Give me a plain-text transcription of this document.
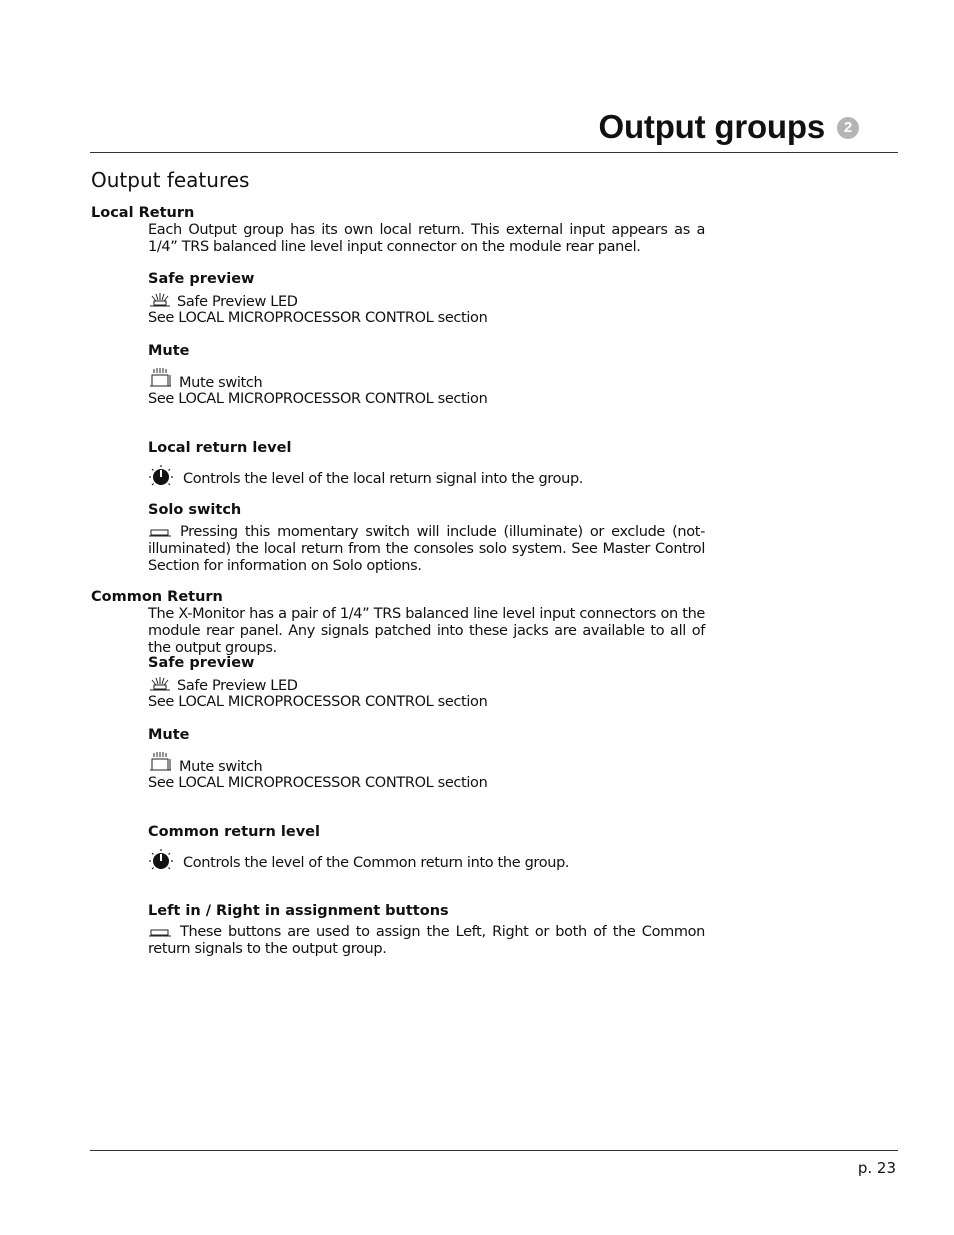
Output groups 2
Output features
Local Return
Each Output group has its own local return. This external input appears as a 1/4” TRS balanced line level input connector on the module rear panel.
Safe preview
Safe Preview LED
See LOCAL MICROPROCESSOR CONTROL section
Mute
Mute switch
See LOCAL MICROPROCESSOR CONTROL section
Local return level
Controls the level of the local return signal into the group.
Solo switch
Pressing this momentary switch will include (illuminate) or exclude (not-illuminated) the local return from the consoles solo system. See Master Control Section for information on Solo options.
Common Return
The X-Monitor has a pair of 1/4” TRS balanced line level input connectors on the module rear panel. Any signals patched into these jacks are available to all of the output groups.
Safe preview
Safe Preview LED
See LOCAL MICROPROCESSOR CONTROL section
Mute
Mute switch
See LOCAL MICROPROCESSOR CONTROL section
Common return level
Controls the level of the Common return into the group.
Left in / Right in assignment buttons
These buttons are used to assign the Left, Right or both of the Common return signals to the output group.
p. 23
